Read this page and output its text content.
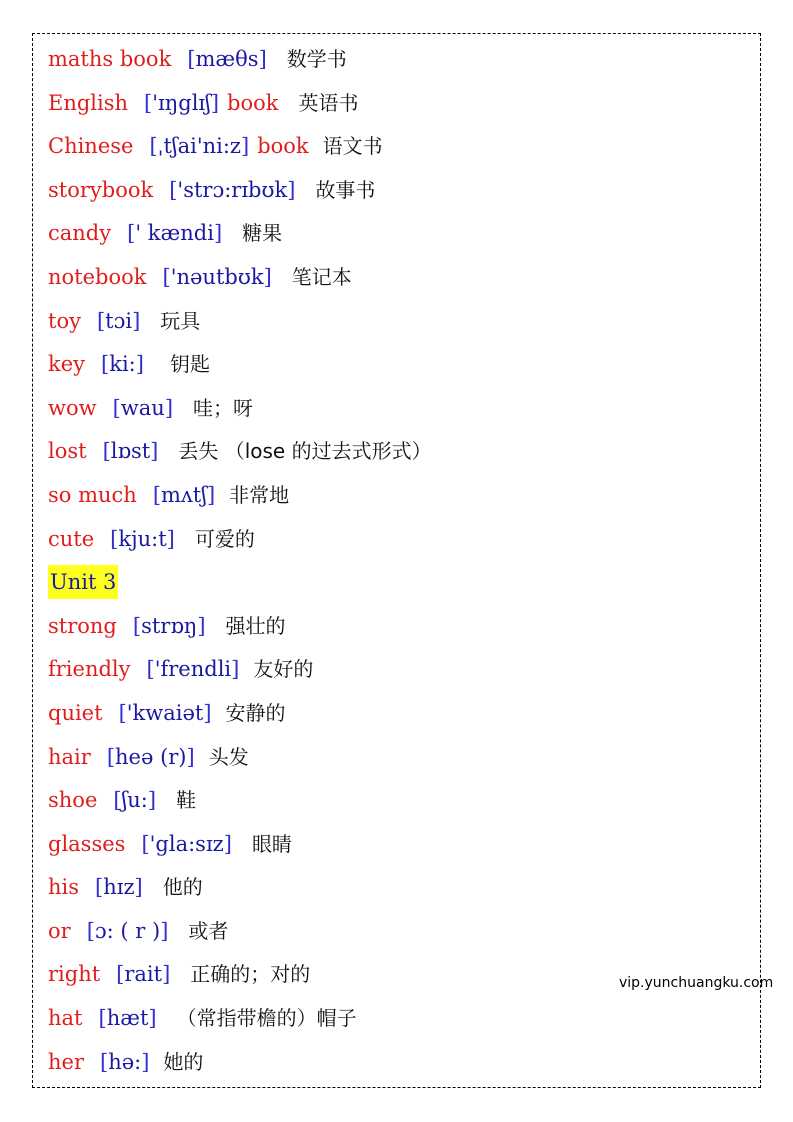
maths book [mæθs] 数学书
English ['ɪŋglɪʃ] book 英语书
Chinese [ˌtʃai'ni:z] book 语文书
storybook ['strɔ:rɪbʊk] 故事书
candy [' kændi] 糖果
notebook ['nəutbʊk] 笔记本
toy [tɔi] 玩具
key [ki:] 钥匙
wow [wau] 哇；呀
lost [lɒst] 丢失 （lose 的过去式形式）
so much [mʌtʃ] 非常地
cute [kju:t] 可爱的
Unit 3
strong [strɒŋ] 强壮的
friendly ['frendli] 友好的
quiet ['kwaiət] 安静的
hair [heə (r)] 头发
shoe [ʃu:] 鞋
glasses ['gla:sɪz] 眼睛
his [hɪz] 他的
or [ɔ: ( r )] 或者
right [rait] 正确的；对的
hat [hæt] （常指带檐的）帽子
her [hə:] 她的
vip.yunchuangku.com
